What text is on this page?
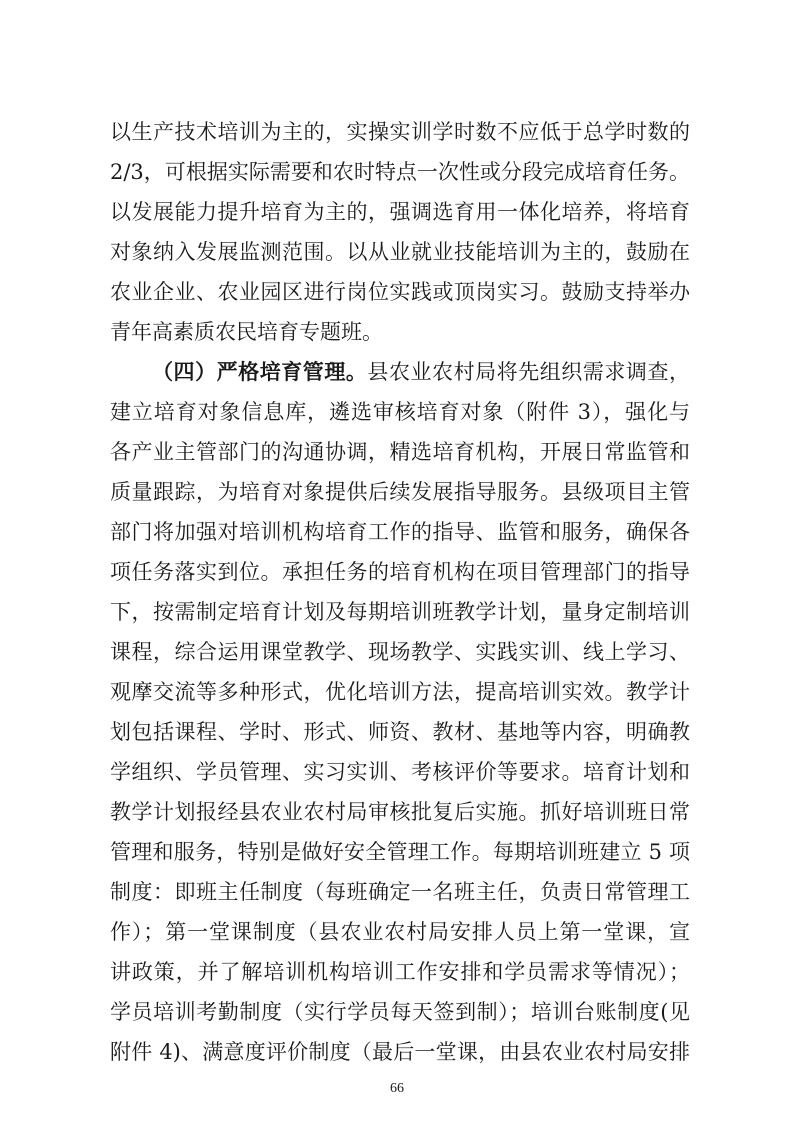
以生产技术培训为主的，实操实训学时数不应低于总学时数的
2/3，可根据实际需要和农时特点一次性或分段完成培育任务。
以发展能力提升培育为主的，强调选育用一体化培养，将培育
对象纳入发展监测范围。以从业就业技能培训为主的，鼓励在
农业企业、农业园区进行岗位实践或顶岗实习。鼓励支持举办
青年高素质农民培育专题班。
（四）严格培育管理。县农业农村局将先组织需求调查，
建立培育对象信息库，遴选审核培育对象（附件 3），强化与
各产业主管部门的沟通协调，精选培育机构，开展日常监管和
质量跟踪，为培育对象提供后续发展指导服务。县级项目主管
部门将加强对培训机构培育工作的指导、监管和服务，确保各
项任务落实到位。承担任务的培育机构在项目管理部门的指导
下，按需制定培育计划及每期培训班教学计划，量身定制培训
课程，综合运用课堂教学、现场教学、实践实训、线上学习、
观摩交流等多种形式，优化培训方法，提高培训实效。教学计
划包括课程、学时、形式、师资、教材、基地等内容，明确教
学组织、学员管理、实习实训、考核评价等要求。培育计划和
教学计划报经县农业农村局审核批复后实施。抓好培训班日常
管理和服务，特别是做好安全管理工作。每期培训班建立 5 项
制度：即班主任制度（每班确定一名班主任，负责日常管理工
作）；第一堂课制度（县农业农村局安排人员上第一堂课，宣
讲政策，并了解培训机构培训工作安排和学员需求等情况）；
学员培训考勤制度（实行学员每天签到制）；培训台账制度(见
附件 4)、满意度评价制度（最后一堂课，由县农业农村局安排
66
